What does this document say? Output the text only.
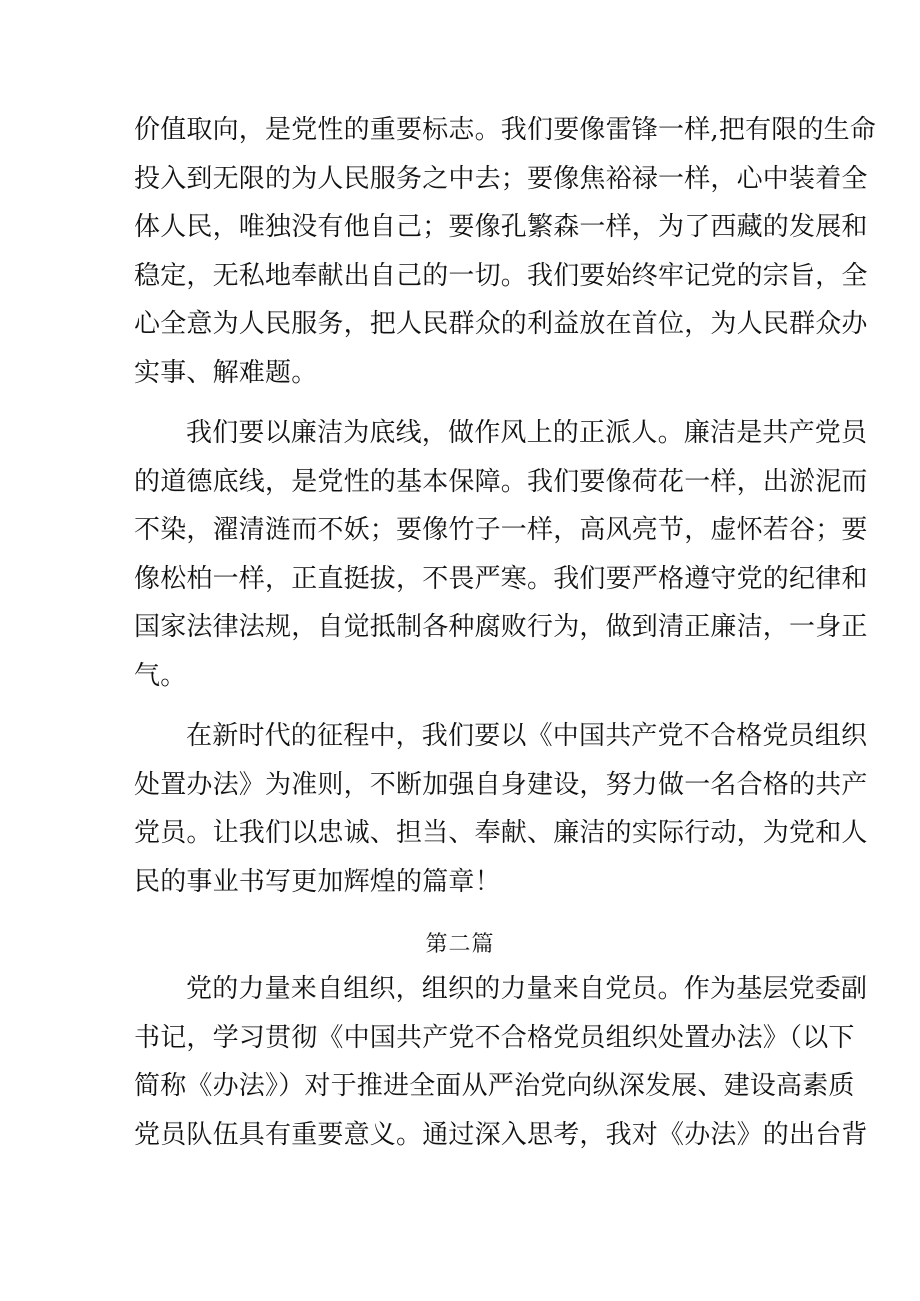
价值取向，是党性的重要标志。我们要像雷锋一样,把有限的生命
投入到无限的为人民服务之中去；要像焦裕禄一样，心中装着全
体人民，唯独没有他自己；要像孔繁森一样，为了西藏的发展和
稳定，无私地奉献出自己的一切。我们要始终牢记党的宗旨，全
心全意为人民服务，把人民群众的利益放在首位，为人民群众办
实事、解难题。
我们要以廉洁为底线，做作风上的正派人。廉洁是共产党员
的道德底线，是党性的基本保障。我们要像荷花一样，出淤泥而
不染，濯清涟而不妖；要像竹子一样，高风亮节，虚怀若谷；要
像松柏一样，正直挺拔，不畏严寒。我们要严格遵守党的纪律和
国家法律法规，自觉抵制各种腐败行为，做到清正廉洁，一身正
气。
在新时代的征程中，我们要以《中国共产党不合格党员组织
处置办法》为准则，不断加强自身建设，努力做一名合格的共产
党员。让我们以忠诚、担当、奉献、廉洁的实际行动，为党和人
民的事业书写更加辉煌的篇章！
第二篇
党的力量来自组织，组织的力量来自党员。作为基层党委副
书记，学习贯彻《中国共产党不合格党员组织处置办法》（以下
简称《办法》）对于推进全面从严治党向纵深发展、建设高素质
党员队伍具有重要意义。通过深入思考，我对《办法》的出台背
